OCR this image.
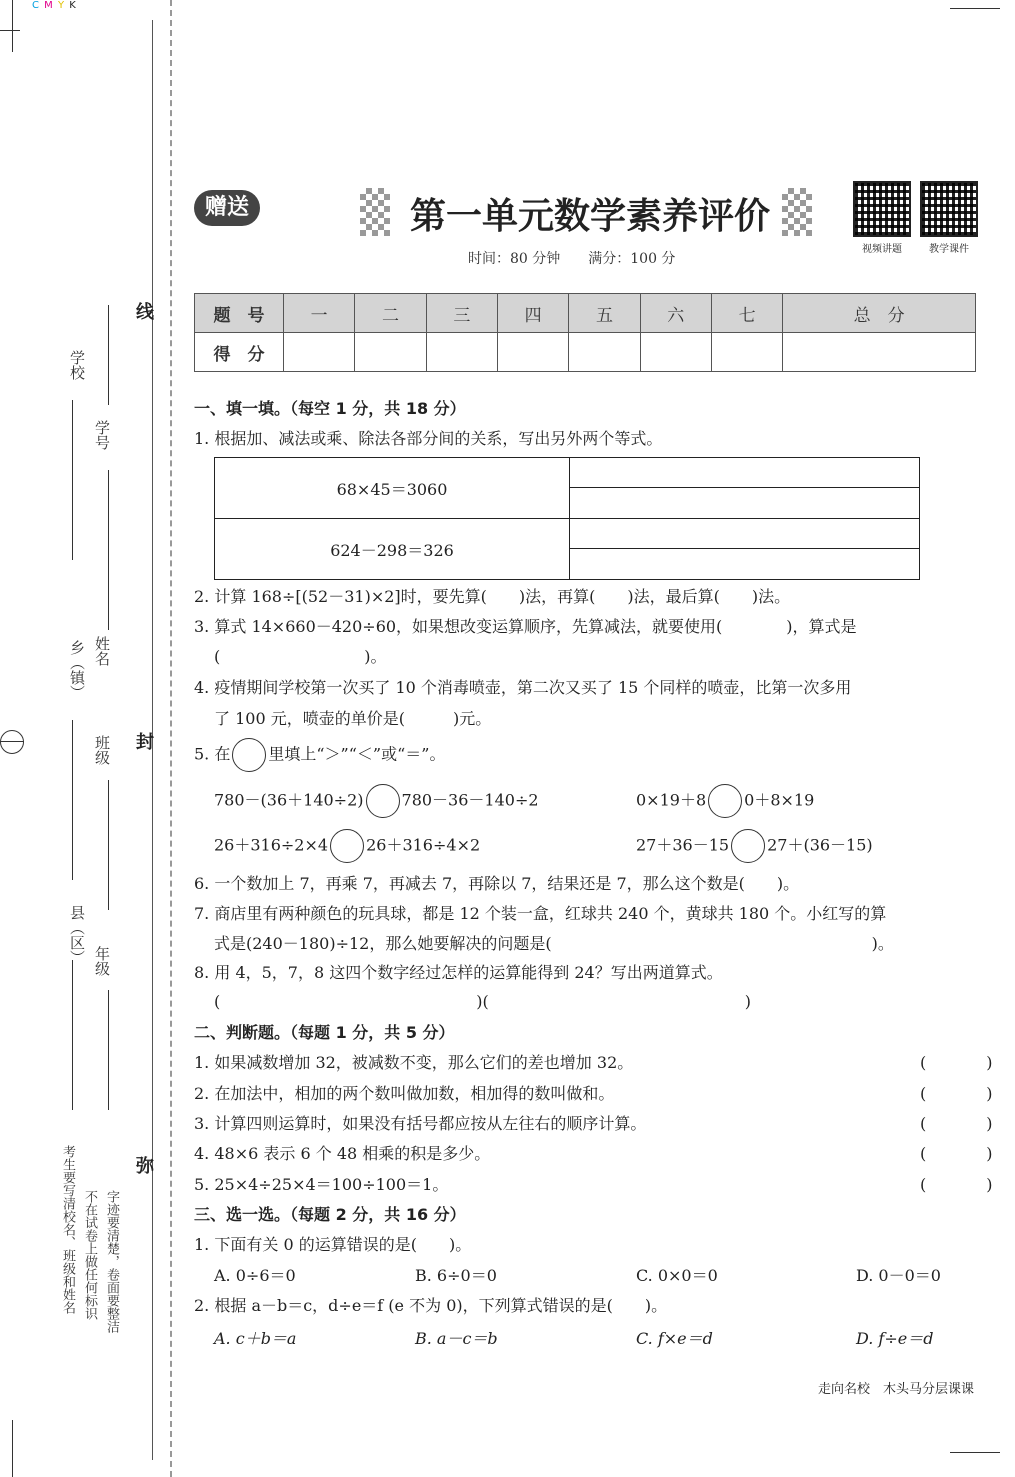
C M Y K
线
封
弥
学校
学号
乡（镇） 姓名
班级
县（区） 年级
考生要写清校名、班级和姓名 不在试卷上做任何标识 字迹要清楚，卷面要整洁
赠送	第一单元数学素养评价
视频讲题	教学课件
时间：80 分钟　　满分：100 分
题　号	一	二	三	四	五	六	七	总　分
得　分								
一、填一填。（每空 1 分，共 18 分）
1. 根据加、减法或乘、除法各部分间的关系，写出另外两个等式。
68×45＝3060	

624－298＝326	
2. 计算 168÷[(52－31)×2]时，要先算(　　)法，再算(　　)法，最后算(　　)法。
3. 算式 14×660－420÷60，如果想改变运算顺序，先算减法，就要使用(　　　　)，算式是
(　　　　　　　　　)。
4. 疫情期间学校第一次买了 10 个消毒喷壶，第二次又买了 15 个同样的喷壶，比第一次多用
了 100 元，喷壶的单价是(　　　)元。
5. 在 里填上“＞”“＜”或“＝”。
780－(36＋140÷2) 780－36－140÷2	0×19＋8 0＋8×19
26＋316÷2×4 26＋316÷4×2	27＋36－15 27＋(36－15)
6. 一个数加上 7，再乘 7，再减去 7，再除以 7，结果还是 7，那么这个数是(　　)。
7. 商店里有两种颜色的玩具球，都是 12 个装一盒，红球共 240 个，黄球共 180 个。小红写的算
式是(240－180)÷12，那么她要解决的问题是(　　　　　　　　　　　　　　　　　　　　)。
8. 用 4，5，7，8 这四个数字经过怎样的运算能得到 24？写出两道算式。
(　　　　　　　　　　　　　　　　)(　　　　　　　　　　　　　　　　)
二、判断题。（每题 1 分，共 5 分）
1. 如果减数增加 32，被减数不变，那么它们的差也增加 32。	(　)
2. 在加法中，相加的两个数叫做加数，相加得的数叫做和。	(　)
3. 计算四则运算时，如果没有括号都应按从左往右的顺序计算。	(　)
4. 48×6 表示 6 个 48 相乘的积是多少。	(　)
5. 25×4÷25×4＝100÷100＝1。	(　)
三、选一选。（每题 2 分，共 16 分）
1. 下面有关 0 的运算错误的是(　　)。
A. 0÷6＝0	B. 6÷0＝0	C. 0×0＝0	D. 0－0＝0
2. 根据 a－b＝c，d÷e＝f (e 不为 0)，下列算式错误的是(　　)。
A. c＋b＝a	B. a－c＝b	C. f×e＝d	D. f÷e＝d
走向名校　木头马分层课课
